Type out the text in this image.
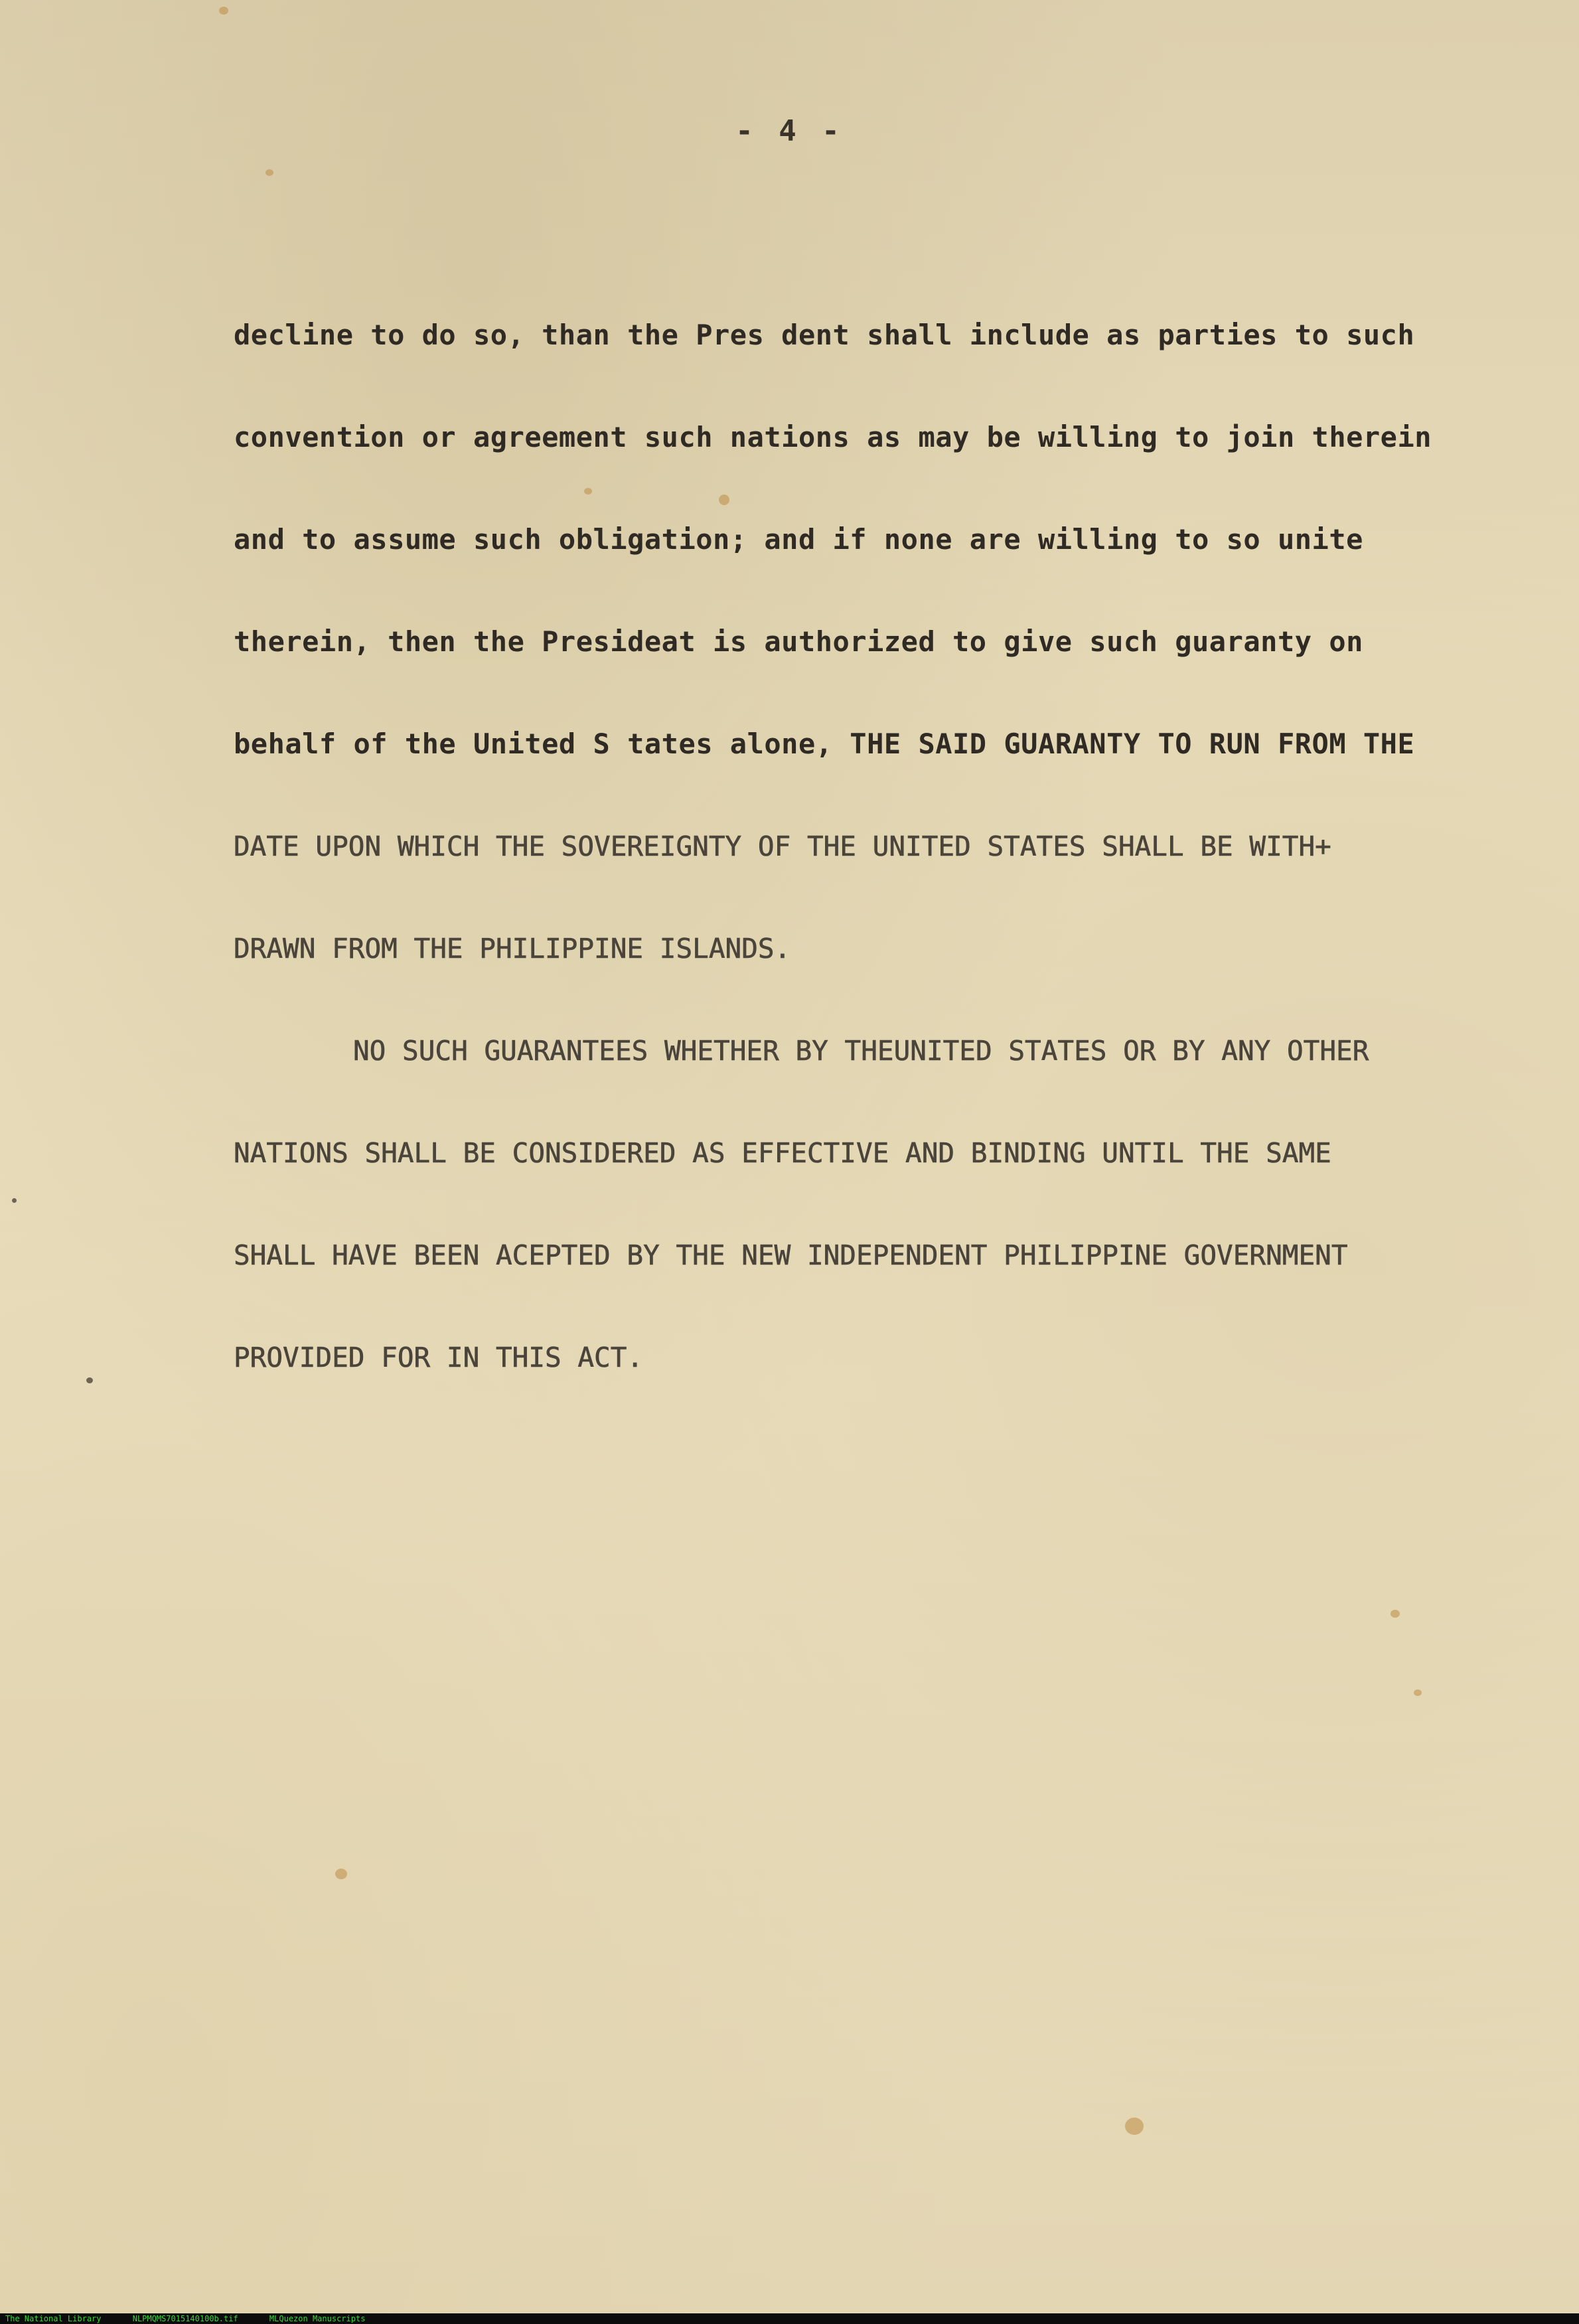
- 4 -
decline to do so, than the Pres dent shall include as parties to such
convention or agreement such nations as may be willing to join therein
and to assume such obligation; and if none are willing to so unite
therein, then the Presideat is authorized to give such guaranty on
behalf of the United S tates alone, THE SAID GUARANTY TO RUN FROM THE
DATE UPON WHICH THE SOVEREIGNTY OF THE UNITED STATES SHALL BE WITH+
DRAWN FROM THE PHILIPPINE ISLANDS.
NO SUCH GUARANTEES WHETHER BY THEUNITED STATES OR BY ANY OTHER
NATIONS SHALL BE CONSIDERED AS EFFECTIVE AND BINDING UNTIL THE SAME
SHALL HAVE BEEN ACEPTED BY THE NEW INDEPENDENT PHILIPPINE GOVERNMENT
PROVIDED FOR IN THIS ACT.
The National Library	NLPMQMS7015140100b.tif	MLQuezon Manuscripts
